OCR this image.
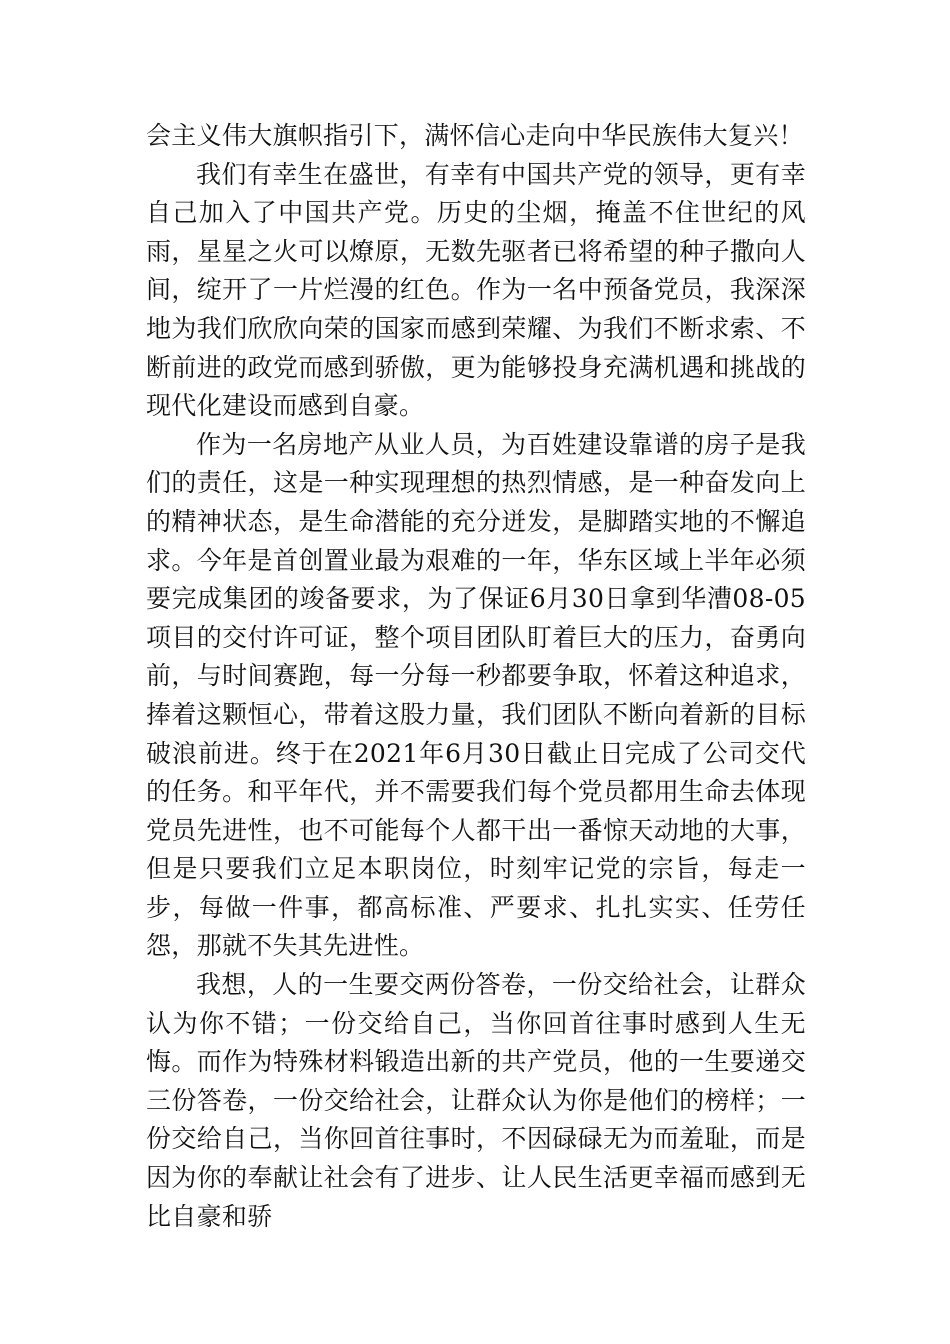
会主义伟大旗帜指引下，满怀信心走向中华民族伟大复兴！

我们有幸生在盛世，有幸有中国共产党的领导，更有幸自己加入了中国共产党。历史的尘烟，掩盖不住世纪的风雨，星星之火可以燎原，无数先驱者已将希望的种子撒向人间，绽开了一片烂漫的红色。作为一名中预备党员，我深深地为我们欣欣向荣的国家而感到荣耀、为我们不断求索、不断前进的政党而感到骄傲，更为能够投身充满机遇和挑战的现代化建设而感到自豪。

作为一名房地产从业人员，为百姓建设靠谱的房子是我们的责任，这是一种实现理想的热烈情感，是一种奋发向上的精神状态，是生命潜能的充分迸发，是脚踏实地的不懈追求。今年是首创置业最为艰难的一年，华东区域上半年必须要完成集团的竣备要求，为了保证6月30日拿到华漕08-05项目的交付许可证，整个项目团队盯着巨大的压力，奋勇向前，与时间赛跑，每一分每一秒都要争取，怀着这种追求，捧着这颗恒心，带着这股力量，我们团队不断向着新的目标破浪前进。终于在2021年6月30日截止日完成了公司交代的任务。和平年代，并不需要我们每个党员都用生命去体现党员先进性，也不可能每个人都干出一番惊天动地的大事，但是只要我们立足本职岗位，时刻牢记党的宗旨，每走一步，每做一件事，都高标准、严要求、扎扎实实、任劳任怨，那就不失其先进性。

我想，人的一生要交两份答卷，一份交给社会，让群众认为你不错；一份交给自己，当你回首往事时感到人生无悔。而作为特殊材料锻造出新的共产党员，他的一生要递交三份答卷，一份交给社会，让群众认为你是他们的榜样；一份交给自己，当你回首往事时，不因碌碌无为而羞耻，而是因为你的奉献让社会有了进步、让人民生活更幸福而感到无比自豪和骄
